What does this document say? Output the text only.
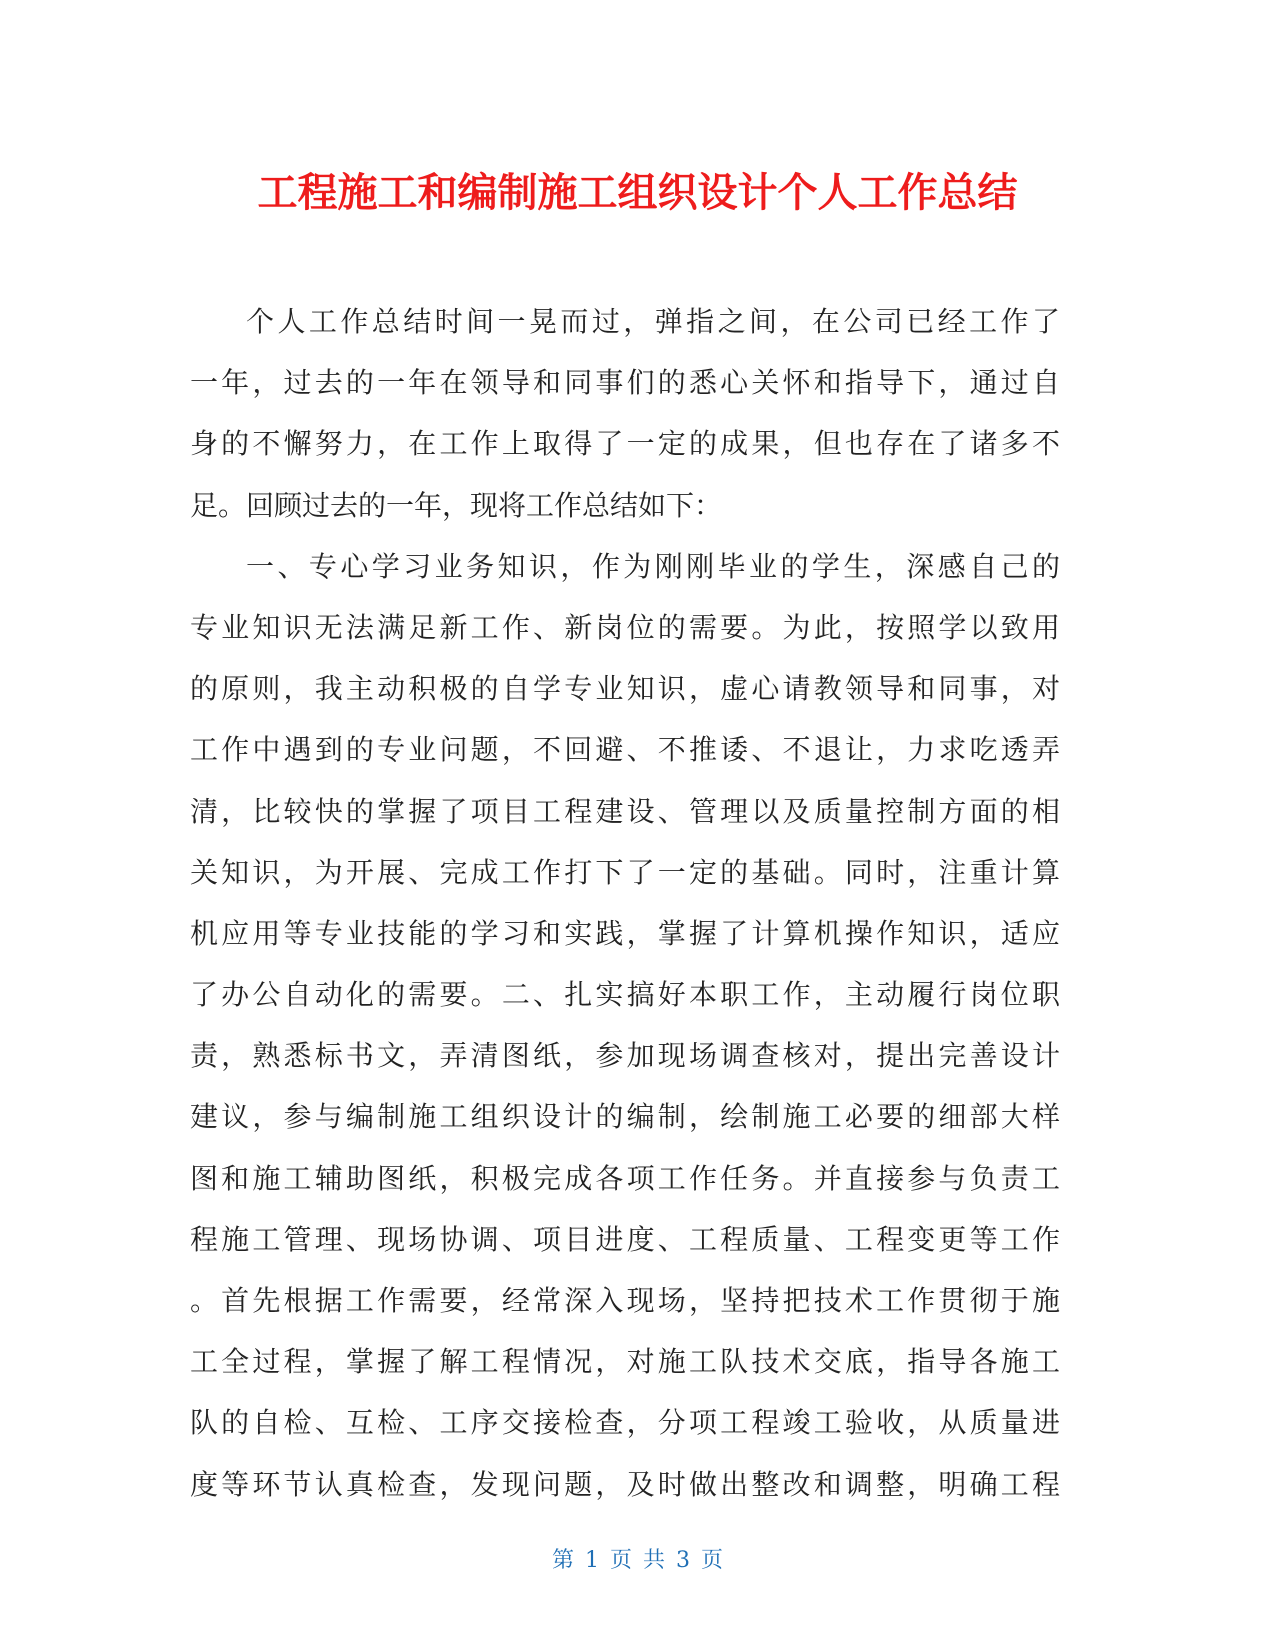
工程施工和编制施工组织设计个人工作总结
个人工作总结时间一晃而过，弹指之间，在公司已经工作了
一年，过去的一年在领导和同事们的悉心关怀和指导下，通过自
身的不懈努力，在工作上取得了一定的成果，但也存在了诸多不
足。回顾过去的一年，现将工作总结如下：
一、专心学习业务知识，作为刚刚毕业的学生，深感自己的
专业知识无法满足新工作、新岗位的需要。为此，按照学以致用
的原则，我主动积极的自学专业知识，虚心请教领导和同事，对
工作中遇到的专业问题，不回避、不推诿、不退让，力求吃透弄
清，比较快的掌握了项目工程建设、管理以及质量控制方面的相
关知识，为开展、完成工作打下了一定的基础。同时，注重计算
机应用等专业技能的学习和实践，掌握了计算机操作知识，适应
了办公自动化的需要。二、扎实搞好本职工作，主动履行岗位职
责，熟悉标书文，弄清图纸，参加现场调查核对，提出完善设计
建议，参与编制施工组织设计的编制，绘制施工必要的细部大样
图和施工辅助图纸，积极完成各项工作任务。并直接参与负责工
程施工管理、现场协调、项目进度、工程质量、工程变更等工作
。首先根据工作需要，经常深入现场，坚持把技术工作贯彻于施
工全过程，掌握了解工程情况，对施工队技术交底，指导各施工
队的自检、互检、工序交接检查，分项工程竣工验收，从质量进
度等环节认真检查，发现问题，及时做出整改和调整，明确工程
第 1 页 共 3 页
